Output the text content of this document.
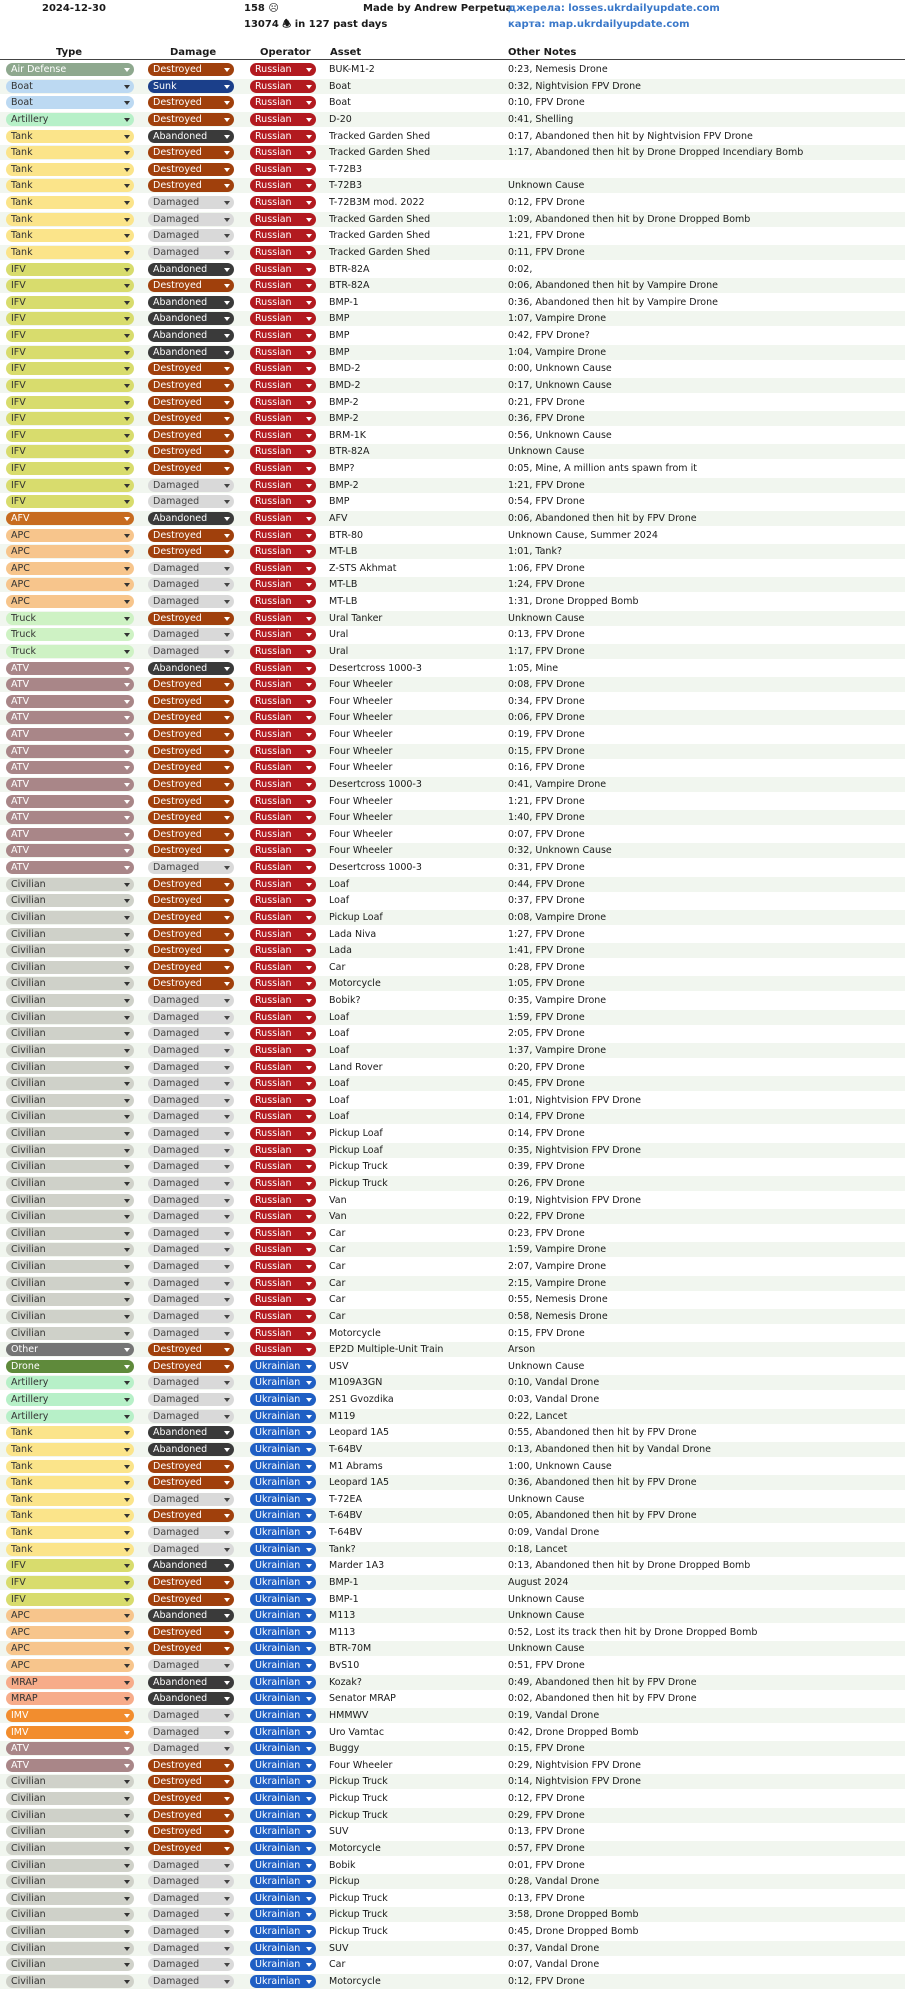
2024-12-30	158 ☹
13074 🕭 in 127 past days
Made by Andrew Perpetua
джерела: losses.ukrdailyupdate.com
карта: map.ukrdailyupdate.com
Type	Damage	Operator Asset	Other Notes
Air Defense	Destroyed	Russian	BUK-M1-2	0:23, Nemesis Drone
Boat	Sunk	Russian	Boat	0:32, Nightvision FPV Drone
Boat	Destroyed	Russian	Boat	0:10, FPV Drone
Artillery	Destroyed	Russian	D-20	0:41, Shelling
Tank	Abandoned	Russian	Tracked Garden Shed	0:17, Abandoned then hit by Nightvision FPV Drone
Tank	Destroyed	Russian	Tracked Garden Shed	1:17, Abandoned then hit by Drone Dropped Incendiary Bomb
Tank	Destroyed	Russian	T-72B3
Tank	Destroyed	Russian	T-72B3	Unknown Cause
Tank	Damaged	Russian	T-72B3M mod. 2022	0:12, FPV Drone
Tank	Damaged	Russian	Tracked Garden Shed	1:09, Abandoned then hit by Drone Dropped Bomb
Tank	Damaged	Russian	Tracked Garden Shed	1:21, FPV Drone
Tank	Damaged	Russian	Tracked Garden Shed	0:11, FPV Drone
IFV	Abandoned	Russian	BTR-82A	0:02,
IFV	Destroyed	Russian	BTR-82A	0:06, Abandoned then hit by Vampire Drone
IFV	Abandoned	Russian	BMP-1	0:36, Abandoned then hit by Vampire Drone
IFV	Abandoned	Russian	BMP	1:07, Vampire Drone
IFV	Abandoned	Russian	BMP	0:42, FPV Drone?
IFV	Abandoned	Russian	BMP	1:04, Vampire Drone
IFV	Destroyed	Russian	BMD-2	0:00, Unknown Cause
IFV	Destroyed	Russian	BMD-2	0:17, Unknown Cause
IFV	Destroyed	Russian	BMP-2	0:21, FPV Drone
IFV	Destroyed	Russian	BMP-2	0:36, FPV Drone
IFV	Destroyed	Russian	BRM-1K	0:56, Unknown Cause
IFV	Destroyed	Russian	BTR-82A	Unknown Cause
IFV	Destroyed	Russian	BMP?	0:05, Mine, A million ants spawn from it
IFV	Damaged	Russian	BMP-2	1:21, FPV Drone
IFV	Damaged	Russian	BMP	0:54, FPV Drone
AFV	Abandoned	Russian	AFV	0:06, Abandoned then hit by FPV Drone
APC	Destroyed	Russian	BTR-80	Unknown Cause, Summer 2024
APC	Destroyed	Russian	MT-LB	1:01, Tank?
APC	Damaged	Russian	Z-STS Akhmat	1:06, FPV Drone
APC	Damaged	Russian	MT-LB	1:24, FPV Drone
APC	Damaged	Russian	MT-LB	1:31, Drone Dropped Bomb
Truck	Destroyed	Russian	Ural Tanker	Unknown Cause
Truck	Damaged	Russian	Ural	0:13, FPV Drone
Truck	Damaged	Russian	Ural	1:17, FPV Drone
ATV	Abandoned	Russian	Desertcross 1000-3	1:05, Mine
ATV	Destroyed	Russian	Four Wheeler	0:08, FPV Drone
ATV	Destroyed	Russian	Four Wheeler	0:34, FPV Drone
ATV	Destroyed	Russian	Four Wheeler	0:06, FPV Drone
ATV	Destroyed	Russian	Four Wheeler	0:19, FPV Drone
ATV	Destroyed	Russian	Four Wheeler	0:15, FPV Drone
ATV	Destroyed	Russian	Four Wheeler	0:16, FPV Drone
ATV	Destroyed	Russian	Desertcross 1000-3	0:41, Vampire Drone
ATV	Destroyed	Russian	Four Wheeler	1:21, FPV Drone
ATV	Destroyed	Russian	Four Wheeler	1:40, FPV Drone
ATV	Destroyed	Russian	Four Wheeler	0:07, FPV Drone
ATV	Destroyed	Russian	Four Wheeler	0:32, Unknown Cause
ATV	Damaged	Russian	Desertcross 1000-3	0:31, FPV Drone
Civilian	Destroyed	Russian	Loaf	0:44, FPV Drone
Civilian	Destroyed	Russian	Loaf	0:37, FPV Drone
Civilian	Destroyed	Russian	Pickup Loaf	0:08, Vampire Drone
Civilian	Destroyed	Russian	Lada Niva	1:27, FPV Drone
Civilian	Destroyed	Russian	Lada	1:41, FPV Drone
Civilian	Destroyed	Russian	Car	0:28, FPV Drone
Civilian	Destroyed	Russian	Motorcycle	1:05, FPV Drone
Civilian	Damaged	Russian	Bobik?	0:35, Vampire Drone
Civilian	Damaged	Russian	Loaf	1:59, FPV Drone
Civilian	Damaged	Russian	Loaf	2:05, FPV Drone
Civilian	Damaged	Russian	Loaf	1:37, Vampire Drone
Civilian	Damaged	Russian	Land Rover	0:20, FPV Drone
Civilian	Damaged	Russian	Loaf	0:45, FPV Drone
Civilian	Damaged	Russian	Loaf	1:01, Nightvision FPV Drone
Civilian	Damaged	Russian	Loaf	0:14, FPV Drone
Civilian	Damaged	Russian	Pickup Loaf	0:14, FPV Drone
Civilian	Damaged	Russian	Pickup Loaf	0:35, Nightvision FPV Drone
Civilian	Damaged	Russian	Pickup Truck	0:39, FPV Drone
Civilian	Damaged	Russian	Pickup Truck	0:26, FPV Drone
Civilian	Damaged	Russian	Van	0:19, Nightvision FPV Drone
Civilian	Damaged	Russian	Van	0:22, FPV Drone
Civilian	Damaged	Russian	Car	0:23, FPV Drone
Civilian	Damaged	Russian	Car	1:59, Vampire Drone
Civilian	Damaged	Russian	Car	2:07, Vampire Drone
Civilian	Damaged	Russian	Car	2:15, Vampire Drone
Civilian	Damaged	Russian	Car	0:55, Nemesis Drone
Civilian	Damaged	Russian	Car	0:58, Nemesis Drone
Civilian	Damaged	Russian	Motorcycle	0:15, FPV Drone
Other	Destroyed	Russian	EP2D Multiple-Unit Train	Arson
Drone	Destroyed	Ukrainian	USV	Unknown Cause
Artillery	Damaged	Ukrainian	M109A3GN	0:10, Vandal Drone
Artillery	Damaged	Ukrainian	2S1 Gvozdika	0:03, Vandal Drone
Artillery	Damaged	Ukrainian	M119	0:22, Lancet
Tank	Abandoned	Ukrainian	Leopard 1A5	0:55, Abandoned then hit by FPV Drone
Tank	Abandoned	Ukrainian	T-64BV	0:13, Abandoned then hit by Vandal Drone
Tank	Destroyed	Ukrainian	M1 Abrams	1:00, Unknown Cause
Tank	Destroyed	Ukrainian	Leopard 1A5	0:36, Abandoned then hit by FPV Drone
Tank	Damaged	Ukrainian	T-72EA	Unknown Cause
Tank	Destroyed	Ukrainian	T-64BV	0:05, Abandoned then hit by FPV Drone
Tank	Damaged	Ukrainian	T-64BV	0:09, Vandal Drone
Tank	Damaged	Ukrainian	Tank?	0:18, Lancet
IFV	Abandoned	Ukrainian	Marder 1A3	0:13, Abandoned then hit by Drone Dropped Bomb
IFV	Destroyed	Ukrainian	BMP-1	August 2024
IFV	Destroyed	Ukrainian	BMP-1	Unknown Cause
APC	Abandoned	Ukrainian	M113	Unknown Cause
APC	Destroyed	Ukrainian	M113	0:52, Lost its track then hit by Drone Dropped Bomb
APC	Destroyed	Ukrainian	BTR-70M	Unknown Cause
APC	Damaged	Ukrainian	BvS10	0:51, FPV Drone
MRAP	Abandoned	Ukrainian	Kozak?	0:49, Abandoned then hit by FPV Drone
MRAP	Abandoned	Ukrainian	Senator MRAP	0:02, Abandoned then hit by FPV Drone
IMV	Damaged	Ukrainian	HMMWV	0:19, Vandal Drone
IMV	Damaged	Ukrainian	Uro Vamtac	0:42, Drone Dropped Bomb
ATV	Damaged	Ukrainian	Buggy	0:15, FPV Drone
ATV	Destroyed	Ukrainian	Four Wheeler	0:29, Nightvision FPV Drone
Civilian	Destroyed	Ukrainian	Pickup Truck	0:14, Nightvision FPV Drone
Civilian	Destroyed	Ukrainian	Pickup Truck	0:12, FPV Drone
Civilian	Destroyed	Ukrainian	Pickup Truck	0:29, FPV Drone
Civilian	Destroyed	Ukrainian	SUV	0:13, FPV Drone
Civilian	Destroyed	Ukrainian	Motorcycle	0:57, FPV Drone
Civilian	Damaged	Ukrainian	Bobik	0:01, FPV Drone
Civilian	Damaged	Ukrainian	Pickup	0:28, Vandal Drone
Civilian	Damaged	Ukrainian	Pickup Truck	0:13, FPV Drone
Civilian	Damaged	Ukrainian	Pickup Truck	3:58, Drone Dropped Bomb
Civilian	Damaged	Ukrainian	Pickup Truck	0:45, Drone Dropped Bomb
Civilian	Damaged	Ukrainian	SUV	0:37, Vandal Drone
Civilian	Damaged	Ukrainian	Car	0:07, Vandal Drone
Civilian	Damaged	Ukrainian	Motorcycle	0:12, FPV Drone
